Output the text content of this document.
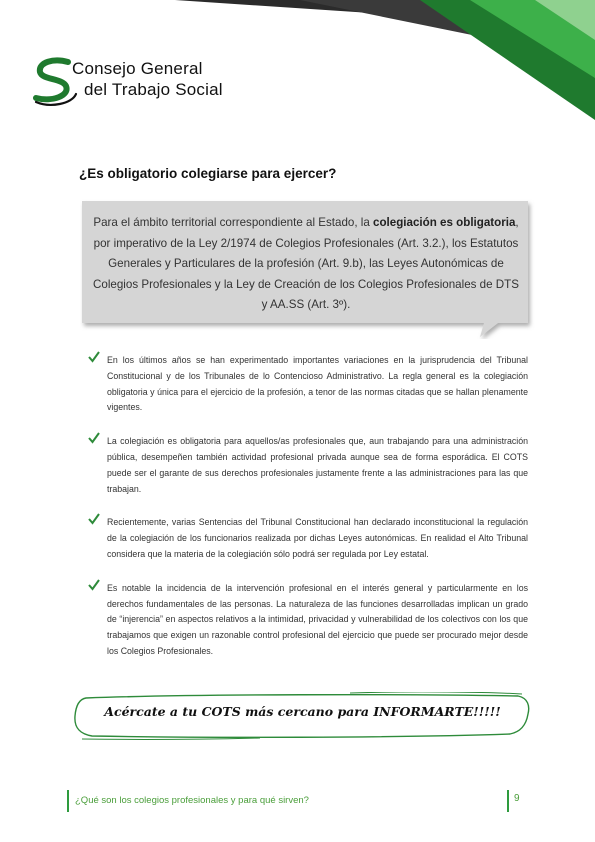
Consejo General
del Trabajo Social
¿Es obligatorio colegiarse para ejercer?
Para el ámbito territorial correspondiente al Estado, la colegiación es obligatoria, por imperativo de la Ley 2/1974 de Colegios Profesionales (Art. 3.2.), los Estatutos Generales y Particulares de la profesión (Art. 9.b), las Leyes Autonómicas de Colegios Profesionales y la Ley de Creación de los Colegios Profesionales de DTS y AA.SS (Art. 3º).
En los últimos años se han experimentado importantes variaciones en la jurisprudencia del Tribunal Constitucional y de los Tribunales de lo Contencioso Administrativo. La regla general es la colegiación obligatoria y única para el ejercicio de la profesión, a tenor de las normas citadas que se hallan plenamente vigentes.
La colegiación es obligatoria para aquellos/as profesionales que, aun trabajando para una administración pública, desempeñen también actividad profesional privada aunque sea de forma esporádica. El COTS puede ser el garante de sus derechos profesionales justamente frente a las administraciones para las que trabajan.
Recientemente, varias Sentencias del Tribunal Constitucional han declarado inconstitucional la regulación de la colegiación de los funcionarios realizada por dichas Leyes autonómicas. En realidad el Alto Tribunal considera que la materia de la colegiación sólo podrá ser regulada por Ley estatal.
Es notable la incidencia de la intervención profesional en el interés general y particularmente en los derechos fundamentales de las personas. La naturaleza de las funciones desarrolladas implican un grado de “injerencia” en aspectos relativos a la intimidad, privacidad y vulnerabilidad de los colectivos con los que trabajamos que exigen un razonable control profesional del ejercicio que puede ser procurado mejor desde los Colegios Profesionales.
Acércate a tu COTS más cercano para INFORMARTE!!!!!
¿Qué son los colegios profesionales y para qué sirven?	9
